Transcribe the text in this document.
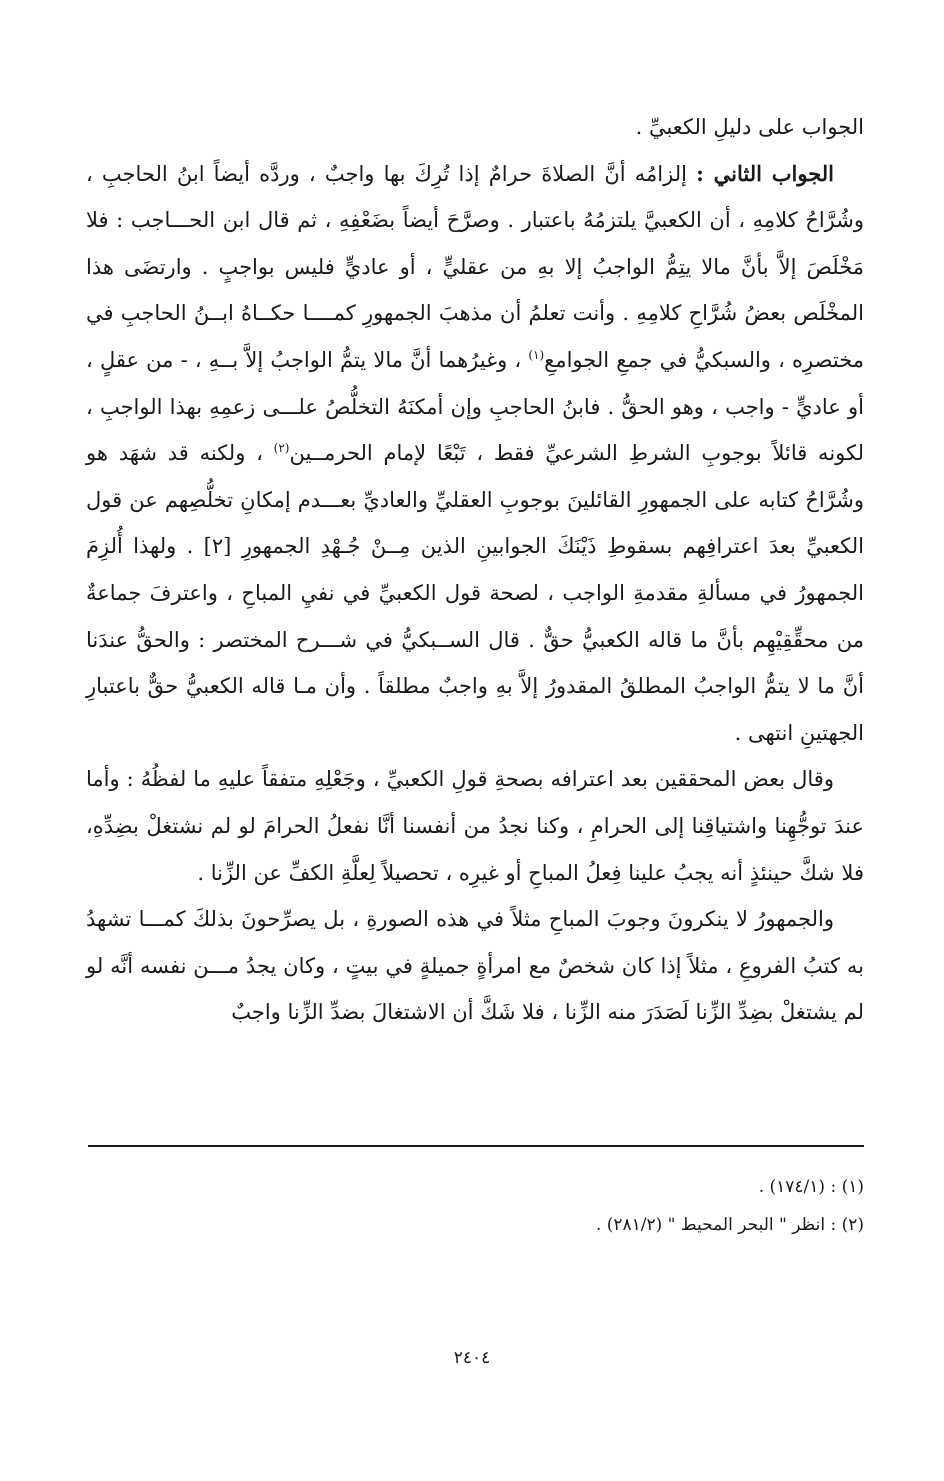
الجواب على دليلِ الكعبيِّ .

الجواب الثاني : إلزامُه أنَّ الصلاةَ حرامٌ إذا تُرِكَ بها واجبٌ ، وردَّه أيضاً ابنُ الحاجبِ ، وشُرَّاحُ كلامِهِ ، أن الكعبيَّ يلتزمُهُ باعتبار . وصرَّحَ أيضاً بضَعْفِهِ ، ثم قال ابن الحـــاجب : فلا مَخْلَصَ إلاَّ بأنَّ مالا يتِمُّ الواجبُ إلا بهِ من عقليٍّ ، أو عاديٍّ فليس بواجبٍ . وارتضَى هذا المخْلَص بعضُ شُرَّاحِ كلامِهِ . وأنت تعلمُ أن مذهبَ الجمهورِ كمــــا حكــاهُ ابــنُ الحاجبِ في مختصرِه ، والسبكيُّ في جمعِ الجوامعِ$^{(١)}$ ، وغيرُهما أنَّ مالا يتمُّ الواجبُ إلاَّ بــهِ ، - من عقلٍ ، أو عاديٍّ - واجب ، وهو الحقُّ . فابنُ الحاجبِ وإن أمكنَهُ التخلُّصُ علـــى زعمِهِ بهذا الواجبِ ، لكونه قائلاً بوجوبِ الشرطِ الشرعيِّ فقط ، تَبْعًا لإمام الحرمــين$^{(٢)}$ ، ولكنه قد شهَد هو وشُرَّاحُ كتابه على الجمهورِ القائلينَ بوجوبِ العقليِّ والعاديِّ بعـــدم إمكانِ تخلُّصِهم عن قول الكعبيِّ بعدَ اعترافِهم بسقوطِ ذَيْنَكَ الجوابينِ الذين مِــنْ جُـهْدِ الجمهورِ [٢] . ولهذا أُلزِمَ الجمهورُ في مسألةِ مقدمةِ الواجب ، لصحة قول الكعبيِّ في نفيِ المباحِ ، واعترفَ جماعةٌ من محقِّقِيْهِم بأنَّ ما قاله الكعبيُّ حقٌّ . قال الســبكيُّ في شـــرح المختصر : والحقُّ عندَنا أنَّ ما لا يتمُّ الواجبُ المطلقُ المقدورُ إلاَّ بهِ واجبٌ مطلقاً . وأن مـا قاله الكعبيُّ حقٌّ باعتبارِ الجهتينِ انتهى .

وقال بعض المحققين بعد اعترافه بصحةِ قولِ الكعبيِّ ، وجَعْلِهِ متفقاً عليهِ ما لفظُهُ : وأما عندَ توجُّهِنا واشتياقِنا إلى الحرامِ ، وكنا نجدُ من أنفسنا أنَّا نفعلُ الحرامَ لو لم نشتغلْ بضِدِّهِ، فلا شكَّ حينئذٍ أنه يجبُ علينا فِعلُ المباحِ أو غيرِه ، تحصيلاً لِعلَّةِ الكفِّ عن الزِّنا .

والجمهورُ لا ينكرونَ وجوبَ المباحِ مثلاً في هذه الصورةِ ، بل يصرِّحونَ بذلكَ كمـــا تشهدُ به كتبُ الفروعِ ، مثلاً إذا كان شخصٌ مع امرأةٍ جميلةٍ في بيتٍ ، وكان يجدُ مـــن نفسه أنَّه لو لم يشتغلْ بضِدِّ الزِّنا لَصَدَرَ منه الزِّنا ، فلا شَكَّ أن الاشتغالَ بضدِّ الزِّنا واجبٌ

(١) : (١٧٤/١) .
(٢) : انظر " البحر المحيط " (٢٨١/٢) .
٢٤٠٤
